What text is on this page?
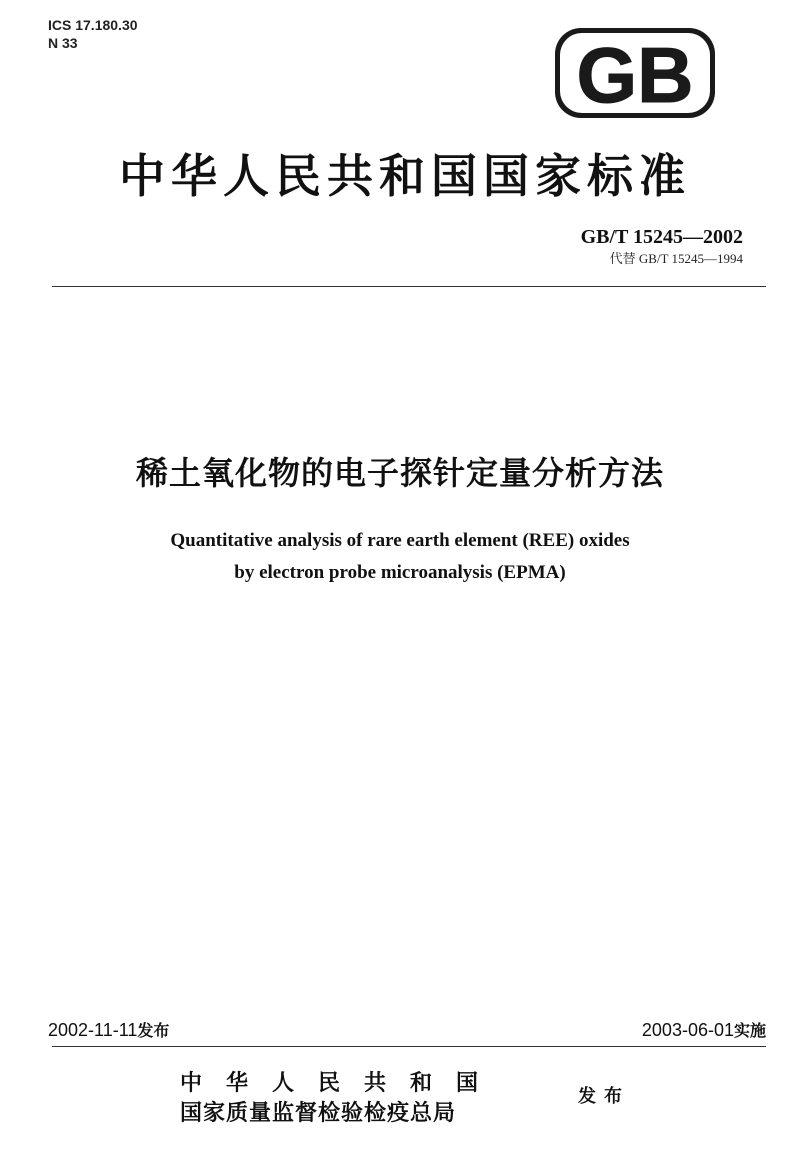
ICS 17.180.30
N 33	GB
中华人民共和国国家标准
GB/T 15245—2002
代替 GB/T 15245—1994
稀土氧化物的电子探针定量分析方法
Quantitative analysis of rare earth element (REE) oxides
by electron probe microanalysis (EPMA)
2002-11-11发布	2003-06-01实施
中华人民共和国
国家质量监督检验检疫总局
发布
